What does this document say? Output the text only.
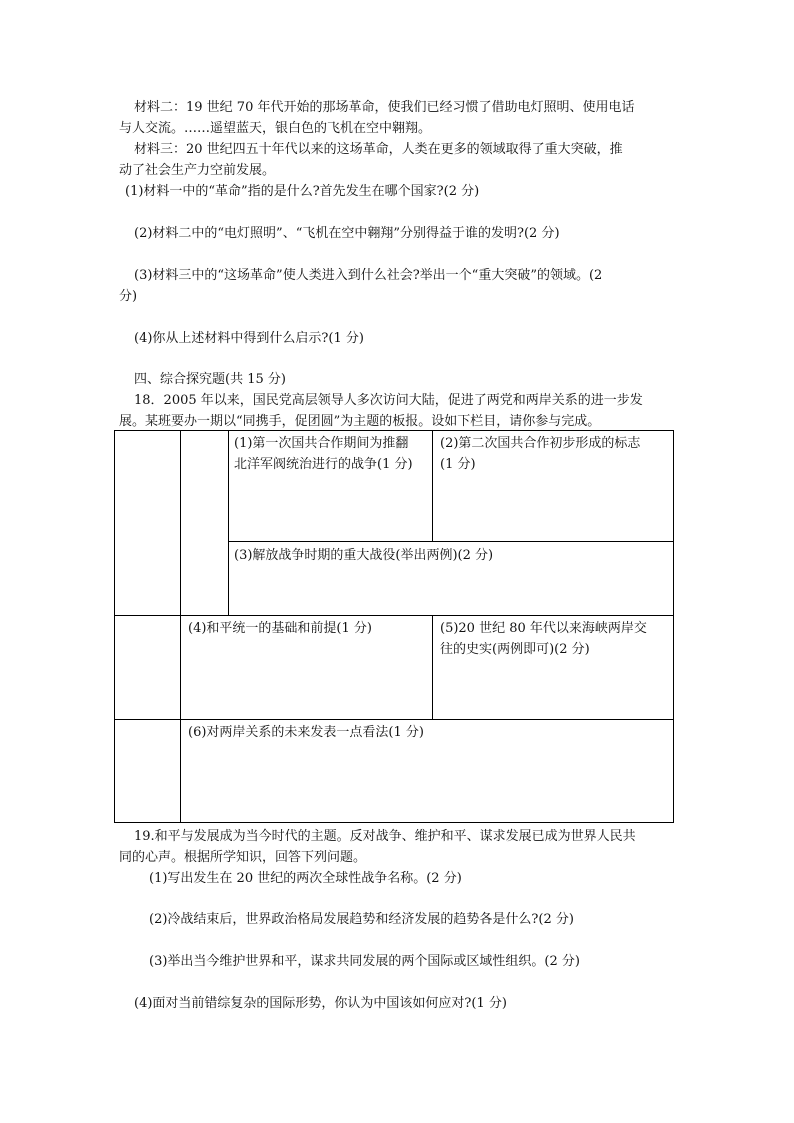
材料二：19 世纪 70 年代开始的那场革命，使我们已经习惯了借助电灯照明、使用电话
与人交流。……遥望蓝天，银白色的飞机在空中翱翔。
材料三：20 世纪四五十年代以来的这场革命，人类在更多的领域取得了重大突破，推
动了社会生产力空前发展。
(1)材料一中的“革命”指的是什么?首先发生在哪个国家?(2 分)
(2)材料二中的“电灯照明”、“飞机在空中翱翔”分别得益于谁的发明?(2 分)
(3)材料三中的“这场革命”使人类进入到什么社会?举出一个“重大突破”的领域。(2
分)
(4)你从上述材料中得到什么启示?(1 分)
四、综合探究题(共 15 分)
18．2005 年以来，国民党高层领导人多次访问大陆，促进了两党和两岸关系的进一步发
展。某班要办一期以“同携手，促团圆”为主题的板报。设如下栏目，请你参与完成。
(1)第一次国共合作期间为推翻
北洋军阀统治进行的战争(1 分)
(2)第二次国共合作初步形成的标志
(1 分)
(3)解放战争时期的重大战役(举出两例)(2 分)
(4)和平统一的基础和前提(1 分)	(5)20 世纪 80 年代以来海峡两岸交
往的史实(两例即可)(2 分)
(6)对两岸关系的未来发表一点看法(1 分)
19.和平与发展成为当今时代的主题。反对战争、维护和平、谋求发展已成为世界人民共
同的心声。根据所学知识，回答下列问题。
(1)写出发生在 20 世纪的两次全球性战争名称。(2 分)
(2)冷战结束后，世界政治格局发展趋势和经济发展的趋势各是什么?(2 分)
(3)举出当今维护世界和平，谋求共同发展的两个国际或区域性组织。(2 分)
(4)面对当前错综复杂的国际形势，你认为中国该如何应对?(1 分)
